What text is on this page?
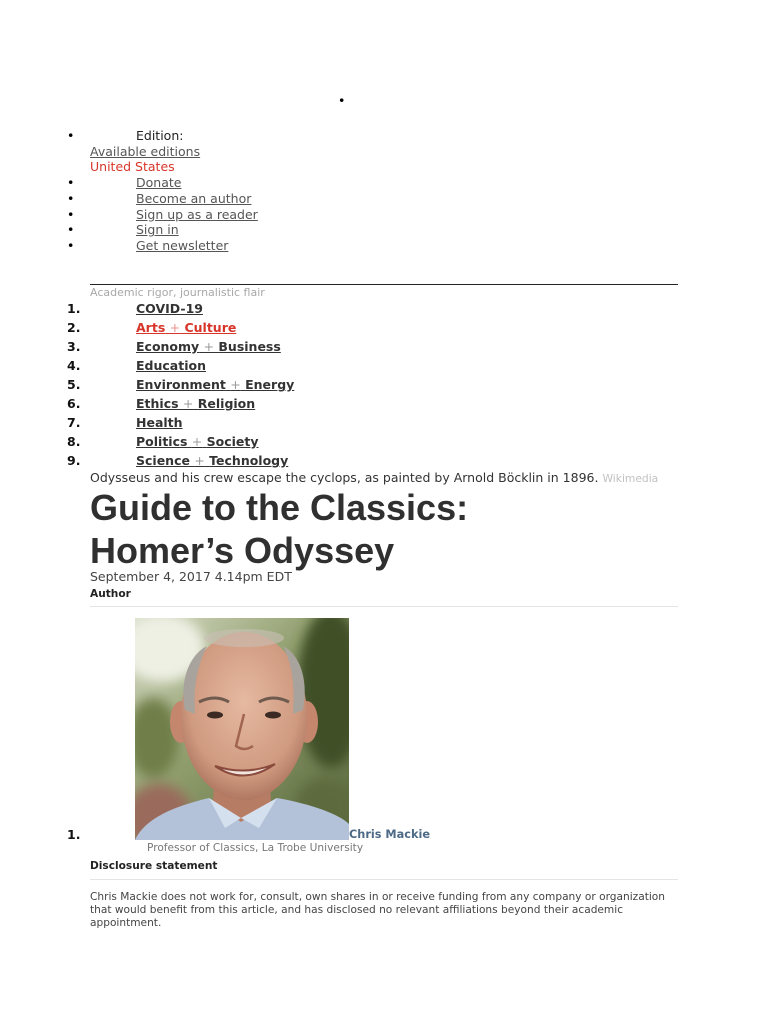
•
• Edition:
Available editions
United States
• Donate
• Become an author
• Sign up as a reader
• Sign in
• Get newsletter
Academic rigor, journalistic flair
COVID-19
Arts + Culture
Economy + Business
Education
Environment + Energy
Ethics + Religion
Health
Politics + Society
Science + Technology

Odysseus and his crew escape the cyclops, as painted by Arnold Böcklin in 1896. Wikimedia

Guide to the Classics: Homer’s Odyssey
September 4, 2017 4.14pm EDT
Author
Chris Mackie
Professor of Classics, La Trobe University
Disclosure statement

Chris Mackie does not work for, consult, own shares in or receive funding from any company or organization that would benefit from this article, and has disclosed no relevant affiliations beyond their academic appointment.
